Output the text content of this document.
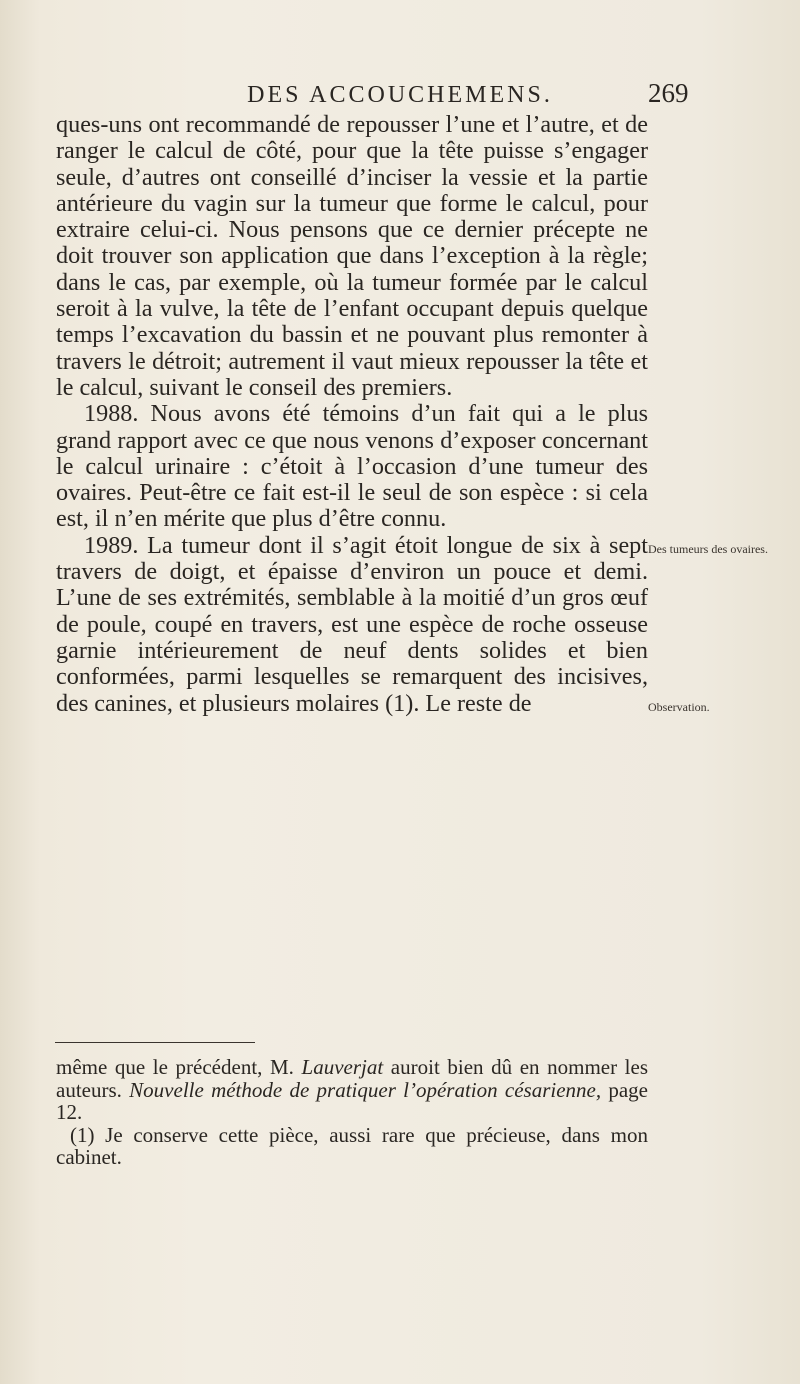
DES ACCOUCHEMENS.	269

ques-uns ont recommandé de repousser l’une et l’autre, et de ranger le calcul de côté, pour que la tête puisse s’engager seule, d’autres ont conseillé d’inciser la vessie et la partie antérieure du vagin sur la tumeur que forme le calcul, pour extraire celui-ci. Nous pensons que ce dernier précepte ne doit trouver son application que dans l’exception à la règle; dans le cas, par exemple, où la tumeur formée par le calcul seroit à la vulve, la tête de l’enfant occupant depuis quelque temps l’excavation du bassin et ne pouvant plus remonter à travers le détroit; autrement il vaut mieux repousser la tête et le calcul, suivant le conseil des premiers.

1988. Nous avons été témoins d’un fait qui a le plus grand rapport avec ce que nous venons d’exposer concernant le calcul urinaire : c’étoit à l’occasion d’une tumeur des ovaires. Peut-être ce fait est-il le seul de son espèce : si cela est, il n’en mérite que plus d’être connu.

1989. La tumeur dont il s’agit étoit longue de six à sept travers de doigt, et épaisse d’environ un pouce et demi. L’une de ses extrémités, semblable à la moitié d’un gros œuf de poule, coupé en travers, est une espèce de roche osseuse garnie intérieurement de neuf dents solides et bien conformées, parmi lesquelles se remarquent des incisives, des canines, et plusieurs molaires (1). Le reste de

Des tumeurs des ovaires.
Observation.

même que le précédent, M. Lauverjat auroit bien dû en nommer les auteurs. Nouvelle méthode de pratiquer l’opération césarienne, page 12.

(1) Je conserve cette pièce, aussi rare que précieuse, dans mon cabinet.
